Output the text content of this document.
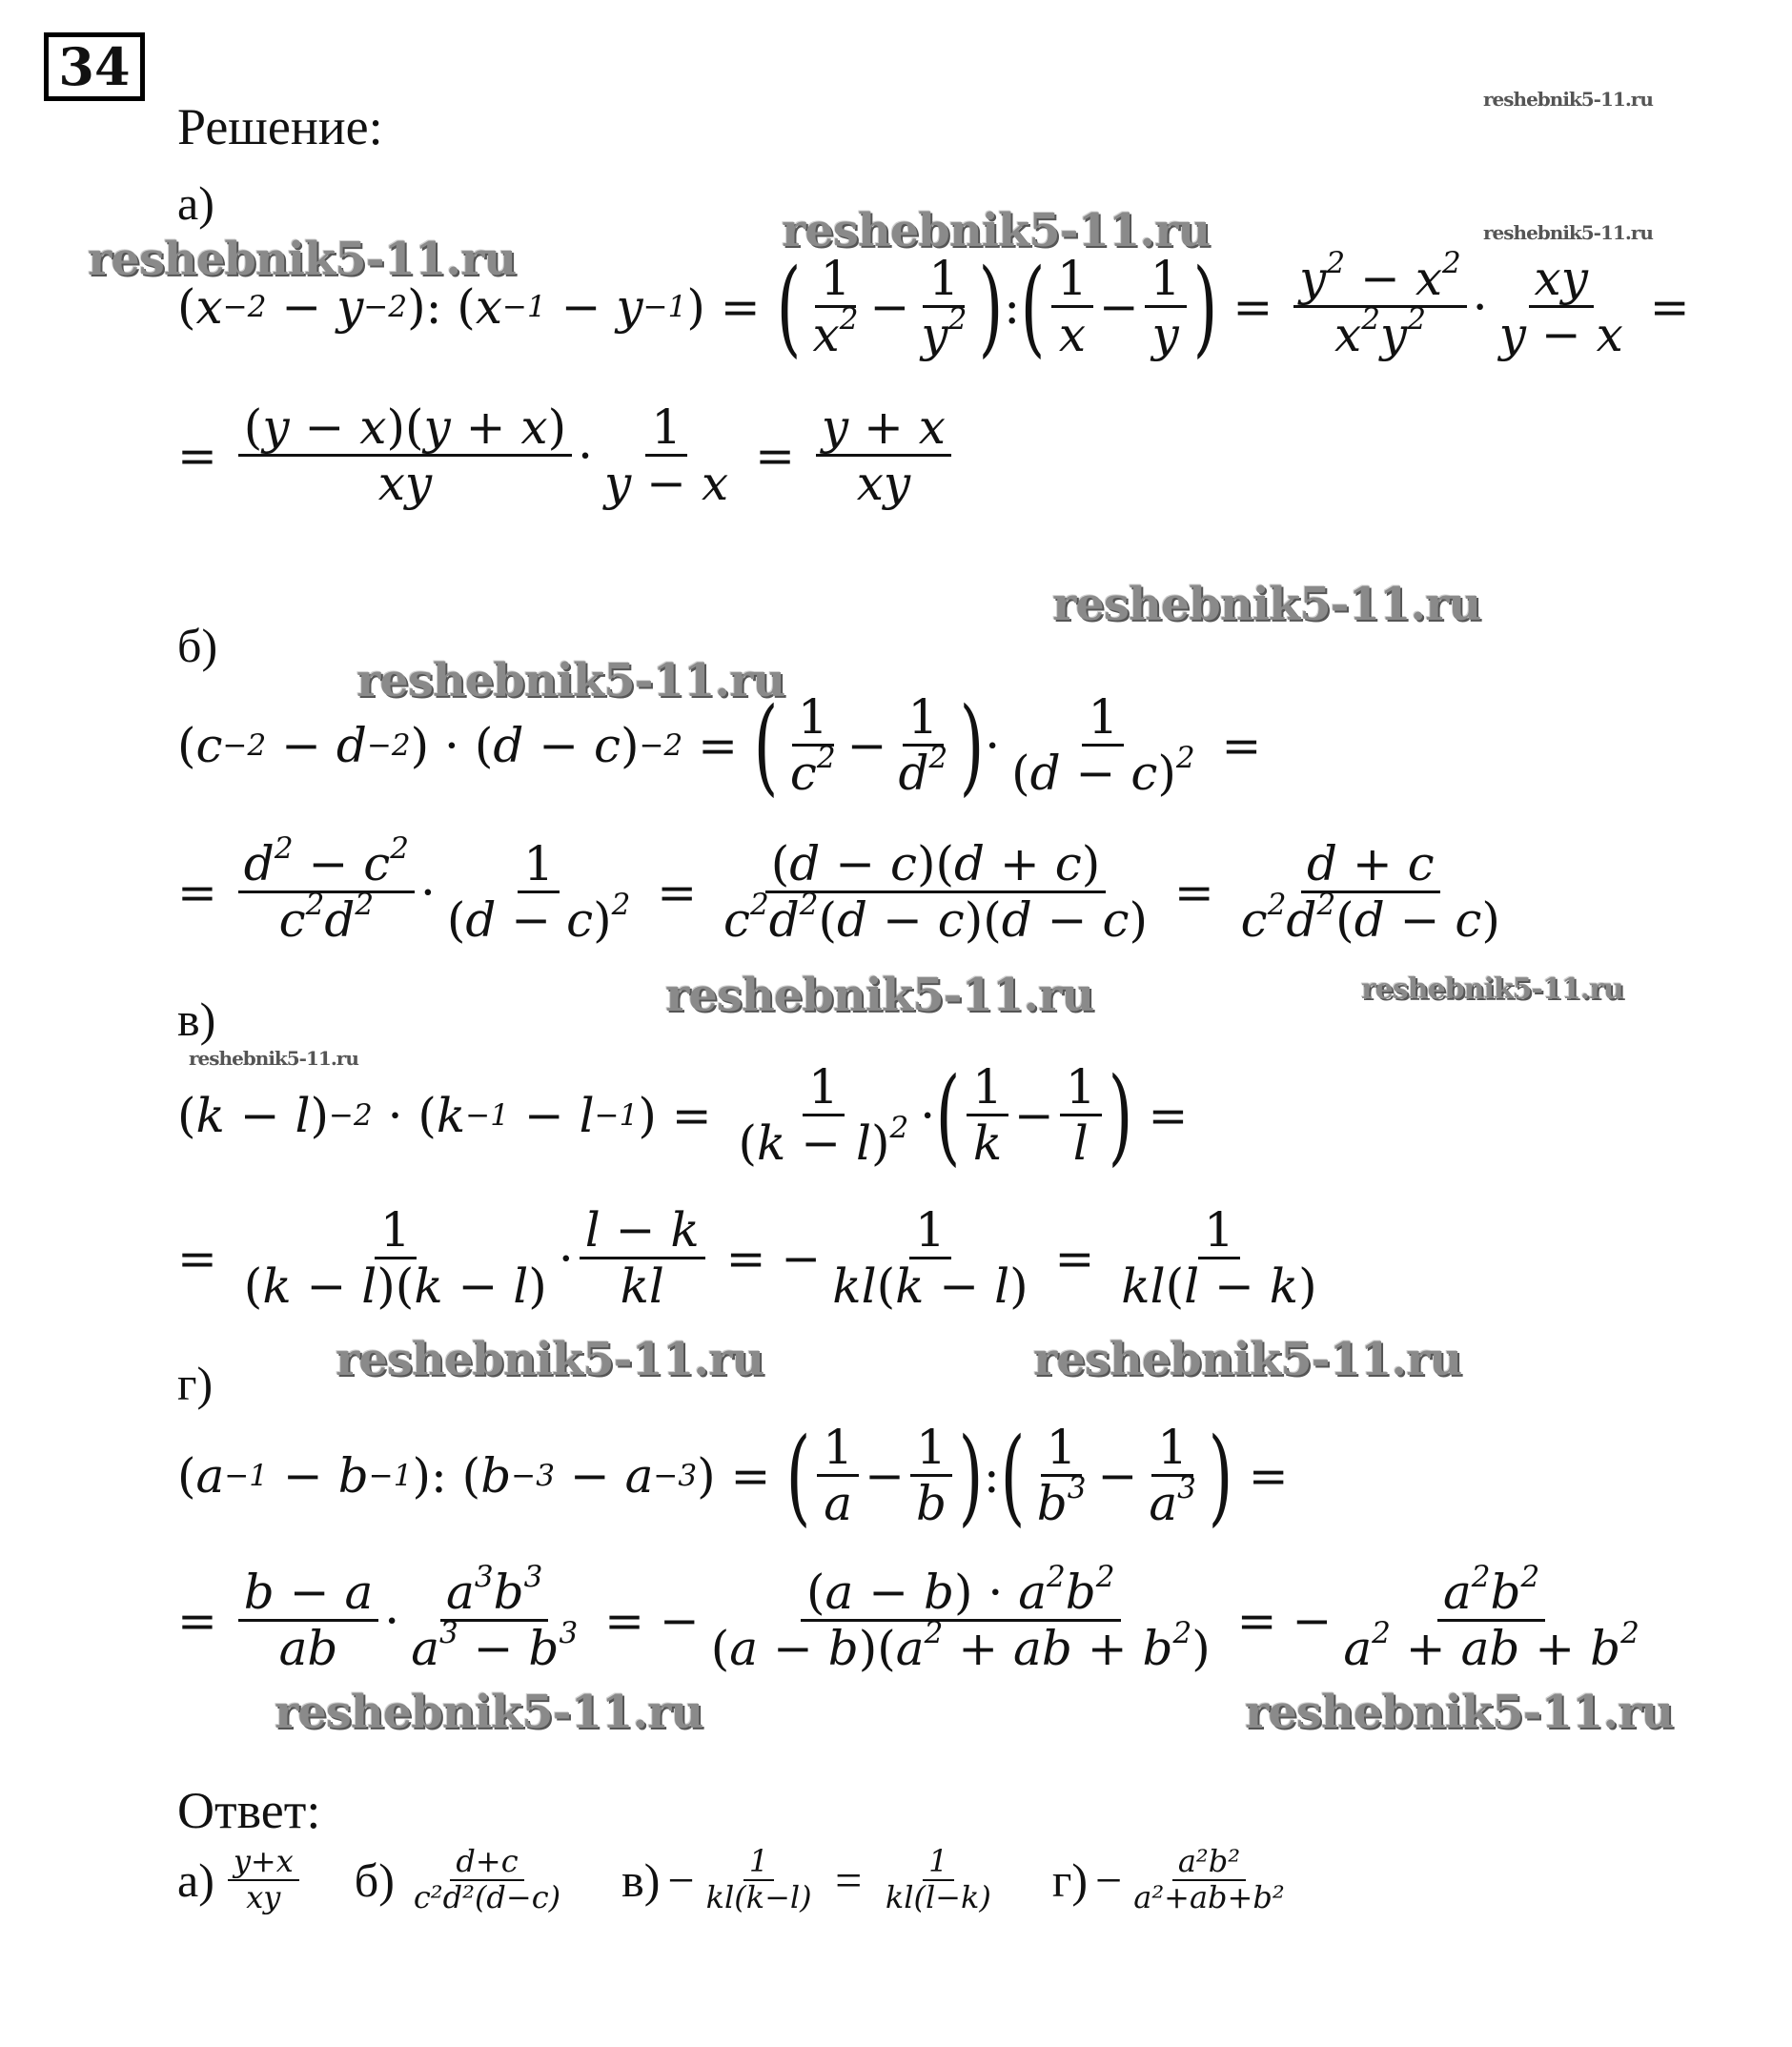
34
Решение:	reshebnik5-11.ru
reshebnik5-11.ru	reshebnik5-11.ru
reshebnik5-11.ru
reshebnik5-11.ru
reshebnik5-11.ru
reshebnik5-11.ru	reshebnik5-11.ru
reshebnik5-11.ru
reshebnik5-11.ru	reshebnik5-11.ru
reshebnik5-11.ru	reshebnik5-11.ru
а)
( x −2 − y −2 ): ( x −1 − y −1 ) = ( $\frac{1}{x^2} - \frac{1}{y^2}$ ) : ( $\frac{1}{x} - \frac{1}{y}$ ) = $\frac{y^2 - x^2}{x^2y^2} \cdot \frac{xy}{y - x}$ =
= $\frac{(y - x)(y + x)}{xy} \cdot \frac{1}{y - x} = \frac{y + x}{xy}$
б)
( c −2 − d −2 ) · ( d − c ) −2 = ( $\frac{1}{c^2} - \frac{1}{d^2}$ ) · $\frac{1}{(d - c)^2}$ =
= $\frac{d^2 - c^2}{c^2d^2} \cdot \frac{1}{(d - c)^2} = \frac{(d - c)(d + c)}{c^2d^2(d - c)(d - c)} = \frac{d + c}{c^2d^2(d - c)}$
в)
( k − l ) −2 · ( k −1 − l −1 ) = $\frac{1}{(k - l)^2}$ · ( $\frac{1}{k} - \frac{1}{l}$ ) =
= $\frac{1}{(k - l)(k - l)} \cdot \frac{l - k}{kl}$ = − $\frac{1}{kl(k - l)} = \frac{1}{kl(l - k)}$
г)
( a −1 − b −1 ): ( b −3 − a −3 ) = ( $\frac{1}{a} - \frac{1}{b}$ ) : ( $\frac{1}{b^3} - \frac{1}{a^3}$ ) =
= $\frac{b - a}{ab} \cdot \frac{a^3b^3}{a^3 - b^3}$ = − $\frac{(a - b) \cdot a^2b^2}{(a - b)(a^2 + ab + b^2)}$ = − $\frac{a^2b^2}{a^2 + ab + b^2}$
Ответ:
$а) \frac{y+x}{xy} б) \frac{d+c}{\text{c²d²(d−c)}} в) - \frac{1}{kl(k-l)} = \frac{1}{kl(l-k)} г) - \frac{\text{a²b²}}{\text{a²+ab+b²}}$
